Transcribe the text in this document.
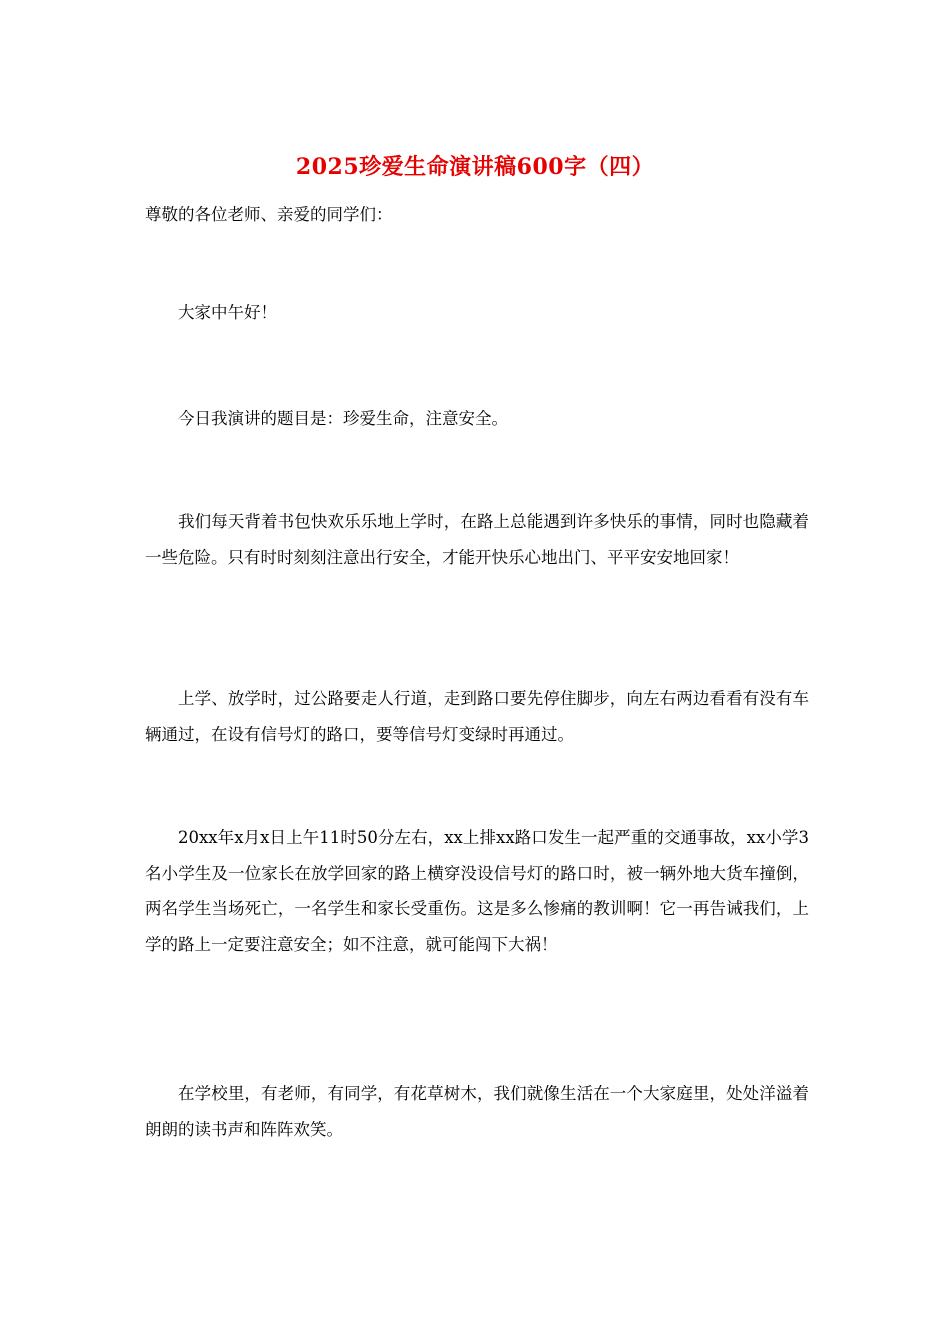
2025珍爱生命演讲稿600字（四）

尊敬的各位老师、亲爱的同学们：

大家中午好！

今日我演讲的题目是：珍爱生命，注意安全。

我们每天背着书包快欢乐乐地上学时，在路上总能遇到许多快乐的事情，同时也隐藏着一些危险。只有时时刻刻注意出行安全，才能开快乐心地出门、平平安安地回家！

上学、放学时，过公路要走人行道，走到路口要先停住脚步，向左右两边看看有没有车辆通过，在设有信号灯的路口，要等信号灯变绿时再通过。

20xx年x月x日上午11时50分左右，xx上排xx路口发生一起严重的交通事故，xx小学3名小学生及一位家长在放学回家的路上横穿没设信号灯的路口时，被一辆外地大货车撞倒，两名学生当场死亡，一名学生和家长受重伤。这是多么惨痛的教训啊！它一再告诫我们，上学的路上一定要注意安全；如不注意，就可能闯下大祸！

在学校里，有老师，有同学，有花草树木，我们就像生活在一个大家庭里，处处洋溢着朗朗的读书声和阵阵欢笑。
